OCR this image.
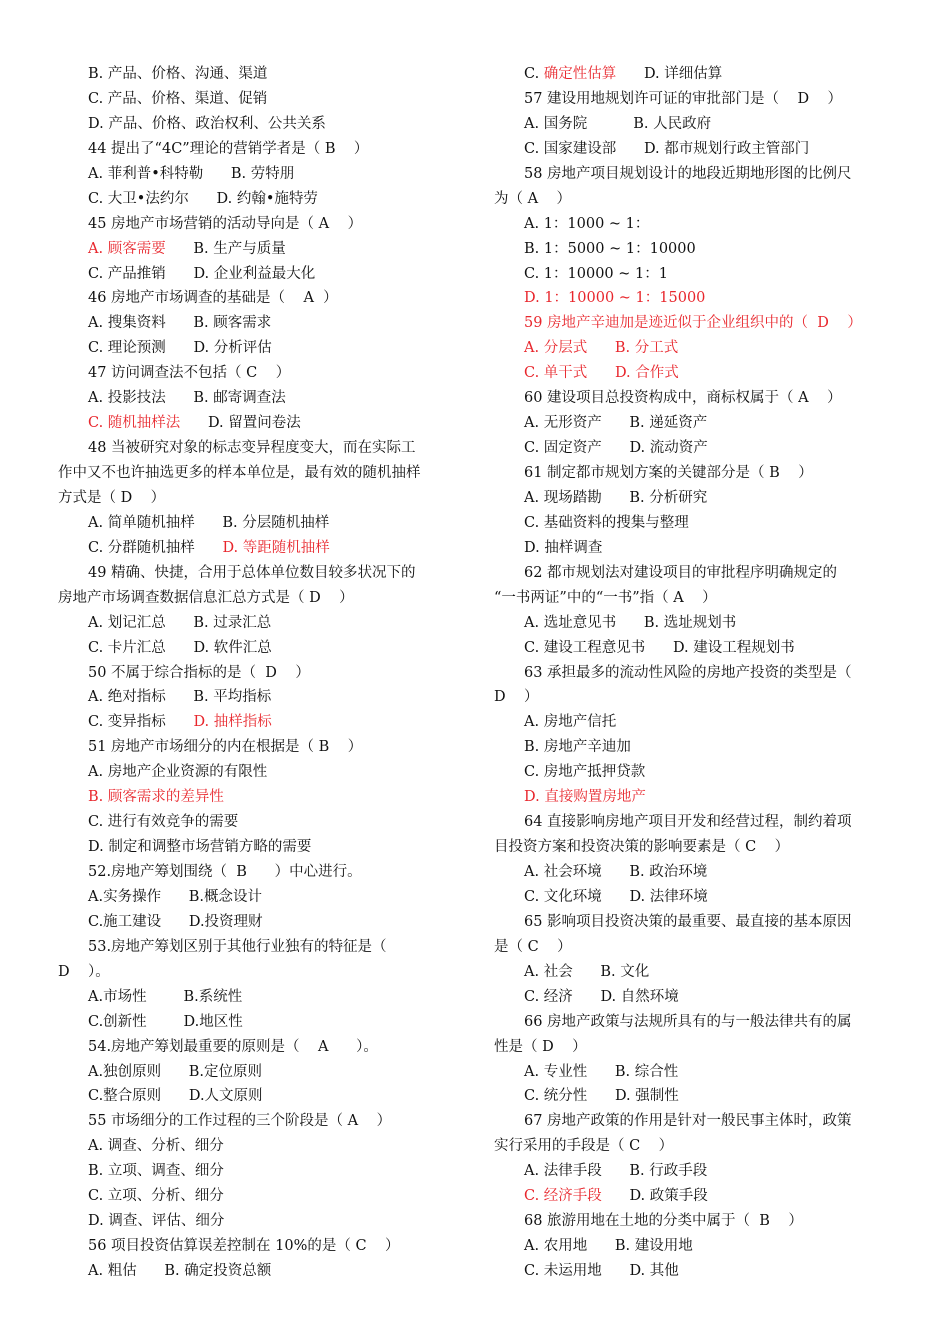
B. 产品、价格、沟通、渠道
C. 产品、价格、渠道、促销
D. 产品、价格、政治权利、公共关系
44 提出了“4C”理论的营销学者是（ B    ）
A. 菲利普•科特勒      B. 劳特朋
C. 大卫•法约尔      D. 约翰•施特劳
45 房地产市场营销的活动导向是（ A    ）
A. 顾客需要      B. 生产与质量
C. 产品推销      D. 企业利益最大化
46 房地产市场调查的基础是（    A  ）
A. 搜集资料      B. 顾客需求
C. 理论预测      D. 分析评估
47 访问调查法不包括（ C    ）
A. 投影技法      B. 邮寄调查法
C. 随机抽样法      D. 留置问卷法
48 当被研究对象的标志变异程度变大，而在实际工
作中又不也许抽选更多的样本单位是，最有效的随机抽样
方式是（ D    ）
A. 简单随机抽样      B. 分层随机抽样
C. 分群随机抽样      D. 等距随机抽样
49 精确、快捷，合用于总体单位数目较多状况下的
房地产市场调查数据信息汇总方式是（ D    ）
A. 划记汇总      B. 过录汇总
C. 卡片汇总      D. 软件汇总
50 不属于综合指标的是（  D    ）
A. 绝对指标      B. 平均指标
C. 变异指标      D. 抽样指标
51 房地产市场细分的内在根据是（ B    ）
A. 房地产企业资源的有限性
B. 顾客需求的差异性
C. 进行有效竞争的需要
D. 制定和调整市场营销方略的需要
52.房地产筹划围绕（  B      ）中心进行。
A.实务操作      B.概念设计
C.施工建设      D.投资理财
53.房地产筹划区别于其他行业独有的特征是（
D    ）。
A.市场性        B.系统性
C.创新性        D.地区性
54.房地产筹划最重要的原则是（    A      ）。
A.独创原则      B.定位原则
C.整合原则      D.人文原则
55 市场细分的工作过程的三个阶段是（ A    ）
A. 调查、分析、细分
B. 立项、调查、细分
C. 立项、分析、细分
D. 调查、评估、细分
56 项目投资估算误差控制在 10%的是（ C    ）
A. 粗估      B. 确定投资总额
C. 确定性估算      D. 详细估算
57 建设用地规划许可证的审批部门是（    D    ）
A. 国务院          B. 人民政府
C. 国家建设部      D. 都市规划行政主管部门
58 房地产项目规划设计的地段近期地形图的比例尺
为（ A    ）
A. 1：1000 ~ 1：
B. 1：5000 ~ 1：10000
C. 1：10000 ~ 1：1
D. 1：10000 ~ 1：15000
59 房地产辛迪加是迹近似于企业组织中的（  D    ）
A. 分层式      B. 分工式
C. 单干式      D. 合作式
60 建设项目总投资构成中，商标权属于（ A    ）
A. 无形资产      B. 递延资产
C. 固定资产      D. 流动资产
61 制定都市规划方案的关键部分是（ B    ）
A. 现场踏勘      B. 分析研究
C. 基础资料的搜集与整理
D. 抽样调查
62 都市规划法对建设项目的审批程序明确规定的
“一书两证”中的“一书”指（ A    ）
A. 选址意见书      B. 选址规划书
C. 建设工程意见书      D. 建设工程规划书
63 承担最多的流动性风险的房地产投资的类型是（
D    ）
A. 房地产信托
B. 房地产辛迪加
C. 房地产抵押贷款
D. 直接购置房地产
64 直接影响房地产项目开发和经营过程，制约着项
目投资方案和投资决策的影响要素是（ C    ）
A. 社会环境      B. 政治环境
C. 文化环境      D. 法律环境
65 影响项目投资决策的最重要、最直接的基本原因
是（ C    ）
A. 社会      B. 文化
C. 经济      D. 自然环境
66 房地产政策与法规所具有的与一般法律共有的属
性是（ D    ）
A. 专业性      B. 综合性
C. 统分性      D. 强制性
67 房地产政策的作用是针对一般民事主体时，政策
实行采用的手段是（ C    ）
A. 法律手段      B. 行政手段
C. 经济手段      D. 政策手段
68 旅游用地在土地的分类中属于（  B    ）
A. 农用地      B. 建设用地
C. 未运用地      D. 其他
